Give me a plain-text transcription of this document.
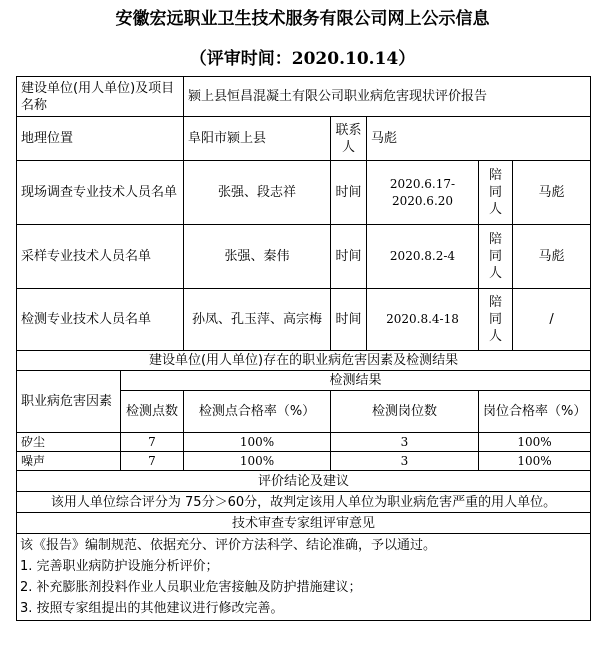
安徽宏远职业卫生技术服务有限公司网上公示信息
（评审时间：2020.10.14）
建设单位(用人单位)及项目名称		颍上县恒昌混凝土有限公司职业病危害现状评价报告				
地理位置		阜阳市颍上县	联系人	马彪		
现场调查专业技术人员名单		张强、段志祥	时间	2020.6.17-2020.6.20	陪同人	马彪
采样专业技术人员名单		张强、秦伟	时间	2020.8.2-4	陪同人	马彪
检测专业技术人员名单		孙凤、孔玉萍、高宗梅	时间	2020.8.4-18	陪同人	/
建设单位(用人单位)存在的职业病危害因素及检测结果						
职业病危害因素	检测结果					
	检测点数	检测点合格率（%）	检测岗位数		岗位合格率（%）	
矽尘	7	100%	3		100%	
噪声	7	100%	3		100%	
评价结论及建议						
该用人单位综合评分为 75分＞60分，故判定该用人单位为职业病危害严重的用人单位。						
技术审查专家组评审意见						

该《报告》编制规范、依据充分、评价方法科学、结论准确，予以通过。
1. 完善职业病防护设施分析评价；
2. 补充膨胀剂投料作业人员职业危害接触及防护措施建议；
3. 按照专家组提出的其他建议进行修改完善。						
